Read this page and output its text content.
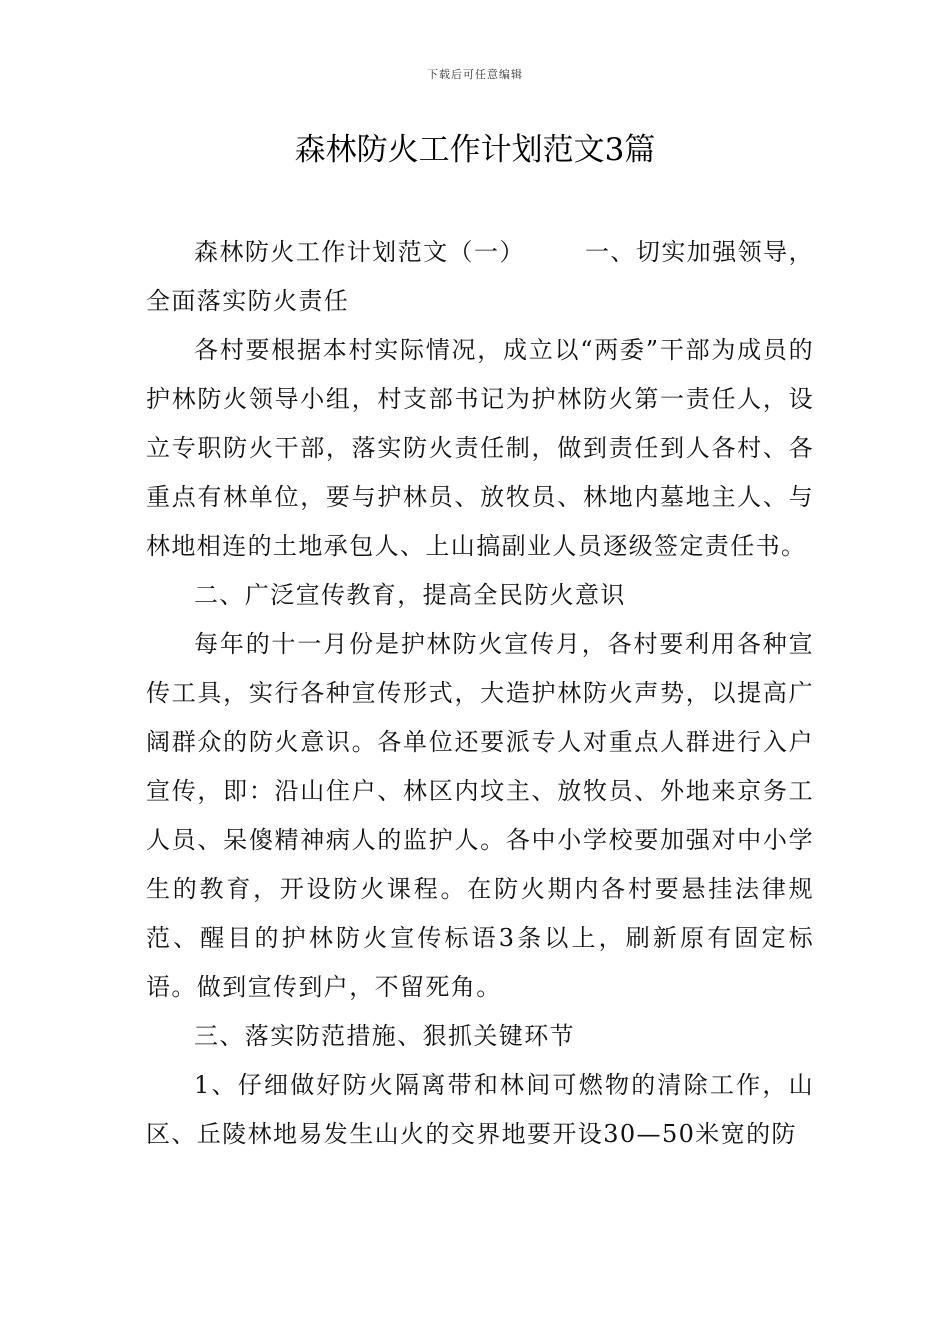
下载后可任意编辑
森林防火工作计划范文3篇

森林防火工作计划范文（一）	一、切实加强领导，全面落实防火责任

各村要根据本村实际情况，成立以“两委”干部为成员的护林防火领导小组，村支部书记为护林防火第一责任人，设立专职防火干部，落实防火责任制，做到责任到人各村、各重点有林单位，要与护林员、放牧员、林地内墓地主人、与林地相连的土地承包人、上山搞副业人员逐级签定责任书。

二、广泛宣传教育，提高全民防火意识

每年的十一月份是护林防火宣传月，各村要利用各种宣传工具，实行各种宣传形式，大造护林防火声势，以提高广阔群众的防火意识。各单位还要派专人对重点人群进行入户宣传，即：沿山住户、林区内坟主、放牧员、外地来京务工人员、呆傻精神病人的监护人。各中小学校要加强对中小学生的教育，开设防火课程。在防火期内各村要悬挂法律规范、醒目的护林防火宣传标语3条以上，刷新原有固定标语。做到宣传到户，不留死角。

三、落实防范措施、狠抓关键环节

1、仔细做好防火隔离带和林间可燃物的清除工作，山区、丘陵林地易发生山火的交界地要开设30—50米宽的防
